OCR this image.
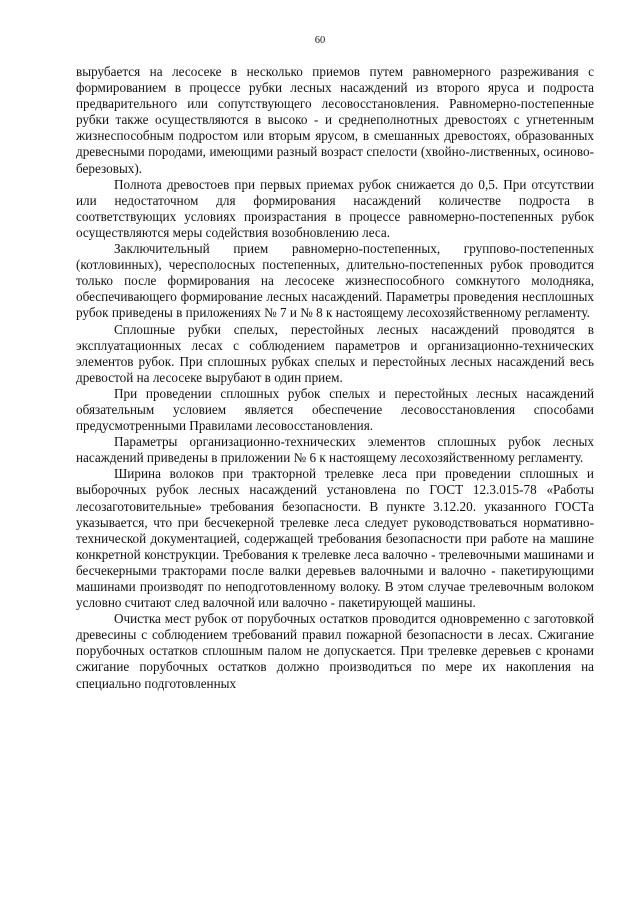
60

вырубается на лесосеке в несколько приемов путем равномерного разреживания с формированием в процессе рубки лесных насаждений из второго яруса и подроста предварительного или сопутствующего лесовосстановления. Равномерно-постепенные рубки также осуществляются в высоко - и среднеполнотных древостоях с угнетенным жизнеспособным подростом или вторым ярусом, в смешанных древостоях, образованных древесными породами, имеющими разный возраст спелости (хвойно-лиственных, осиново-березовых).

Полнота древостоев при первых приемах рубок снижается до 0,5. При отсутствии или недостаточном для формирования насаждений количестве подроста в соответствующих условиях произрастания в процессе равномерно-постепенных рубок осуществляются меры содействия возобновлению леса.

Заключительный прием равномерно-постепенных, группово-постепенных (котловинных), чересполосных постепенных, длительно-постепенных рубок проводится только после формирования на лесосеке жизнеспособного сомкнутого молодняка, обеспечивающего формирование лесных насаждений. Параметры проведения несплошных рубок приведены в приложениях № 7 и № 8 к настоящему лесохозяйственному регламенту.

Сплошные рубки спелых, перестойных лесных насаждений проводятся в эксплуатационных лесах с соблюдением параметров и организационно-технических элементов рубок. При сплошных рубках спелых и перестойных лесных насаждений весь древостой на лесосеке вырубают в один прием.

При проведении сплошных рубок спелых и перестойных лесных насаждений обязательным условием является обеспечение лесовосстановления способами предусмотренными Правилами лесовосстановления.

Параметры организационно-технических элементов сплошных рубок лесных насаждений приведены в приложении № 6 к настоящему лесохозяйственному регламенту.

Ширина волоков при тракторной трелевке леса при проведении сплошных и выборочных рубок лесных насаждений установлена по ГОСТ 12.3.015-78 «Работы лесозаготовительные» требования безопасности. В пункте 3.12.20. указанного ГОСТа указывается, что при бесчекерной трелевке леса следует руководствоваться нормативно-технической документацией, содержащей требования безопасности при работе на машине конкретной конструкции. Требования к трелевке леса валочно - трелевочными машинами и бесчекерными тракторами после валки деревьев валочными и валочно - пакетирующими машинами производят по неподготовленному волоку. В этом случае трелевочным волоком условно считают след валочной или валочно - пакетирующей машины.

Очистка мест рубок от порубочных остатков проводится одновременно с заготовкой древесины с соблюдением требований правил пожарной безопасности в лесах. Сжигание порубочных остатков сплошным палом не допускается. При трелевке деревьев с кронами сжигание порубочных остатков должно производиться по мере их накопления на специально подготовленных
